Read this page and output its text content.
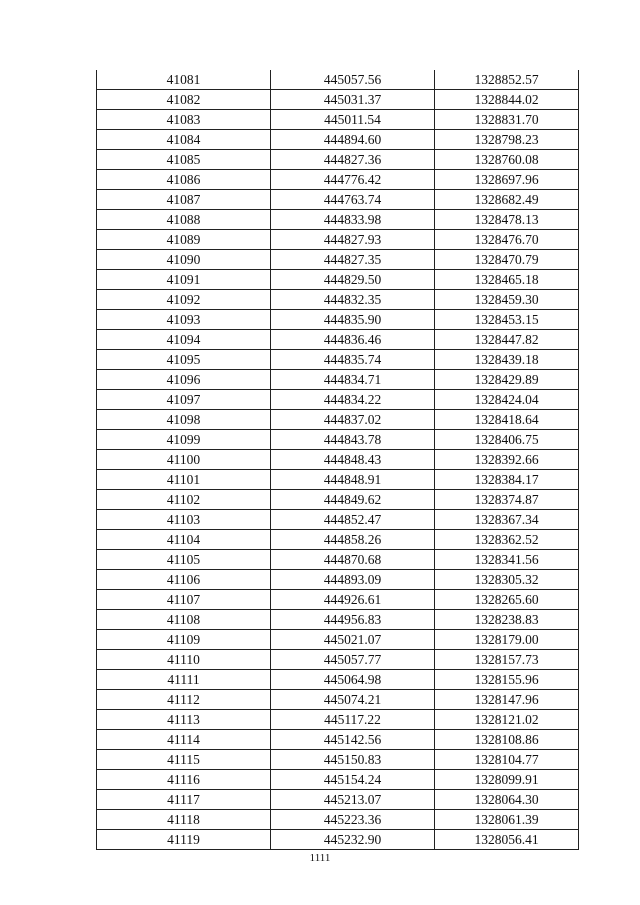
41081	445057.56	1328852.57
41082	445031.37	1328844.02
41083	445011.54	1328831.70
41084	444894.60	1328798.23
41085	444827.36	1328760.08
41086	444776.42	1328697.96
41087	444763.74	1328682.49
41088	444833.98	1328478.13
41089	444827.93	1328476.70
41090	444827.35	1328470.79
41091	444829.50	1328465.18
41092	444832.35	1328459.30
41093	444835.90	1328453.15
41094	444836.46	1328447.82
41095	444835.74	1328439.18
41096	444834.71	1328429.89
41097	444834.22	1328424.04
41098	444837.02	1328418.64
41099	444843.78	1328406.75
41100	444848.43	1328392.66
41101	444848.91	1328384.17
41102	444849.62	1328374.87
41103	444852.47	1328367.34
41104	444858.26	1328362.52
41105	444870.68	1328341.56
41106	444893.09	1328305.32
41107	444926.61	1328265.60
41108	444956.83	1328238.83
41109	445021.07	1328179.00
41110	445057.77	1328157.73
41111	445064.98	1328155.96
41112	445074.21	1328147.96
41113	445117.22	1328121.02
41114	445142.56	1328108.86
41115	445150.83	1328104.77
41116	445154.24	1328099.91
41117	445213.07	1328064.30
41118	445223.36	1328061.39
41119	445232.90	1328056.41
1111
